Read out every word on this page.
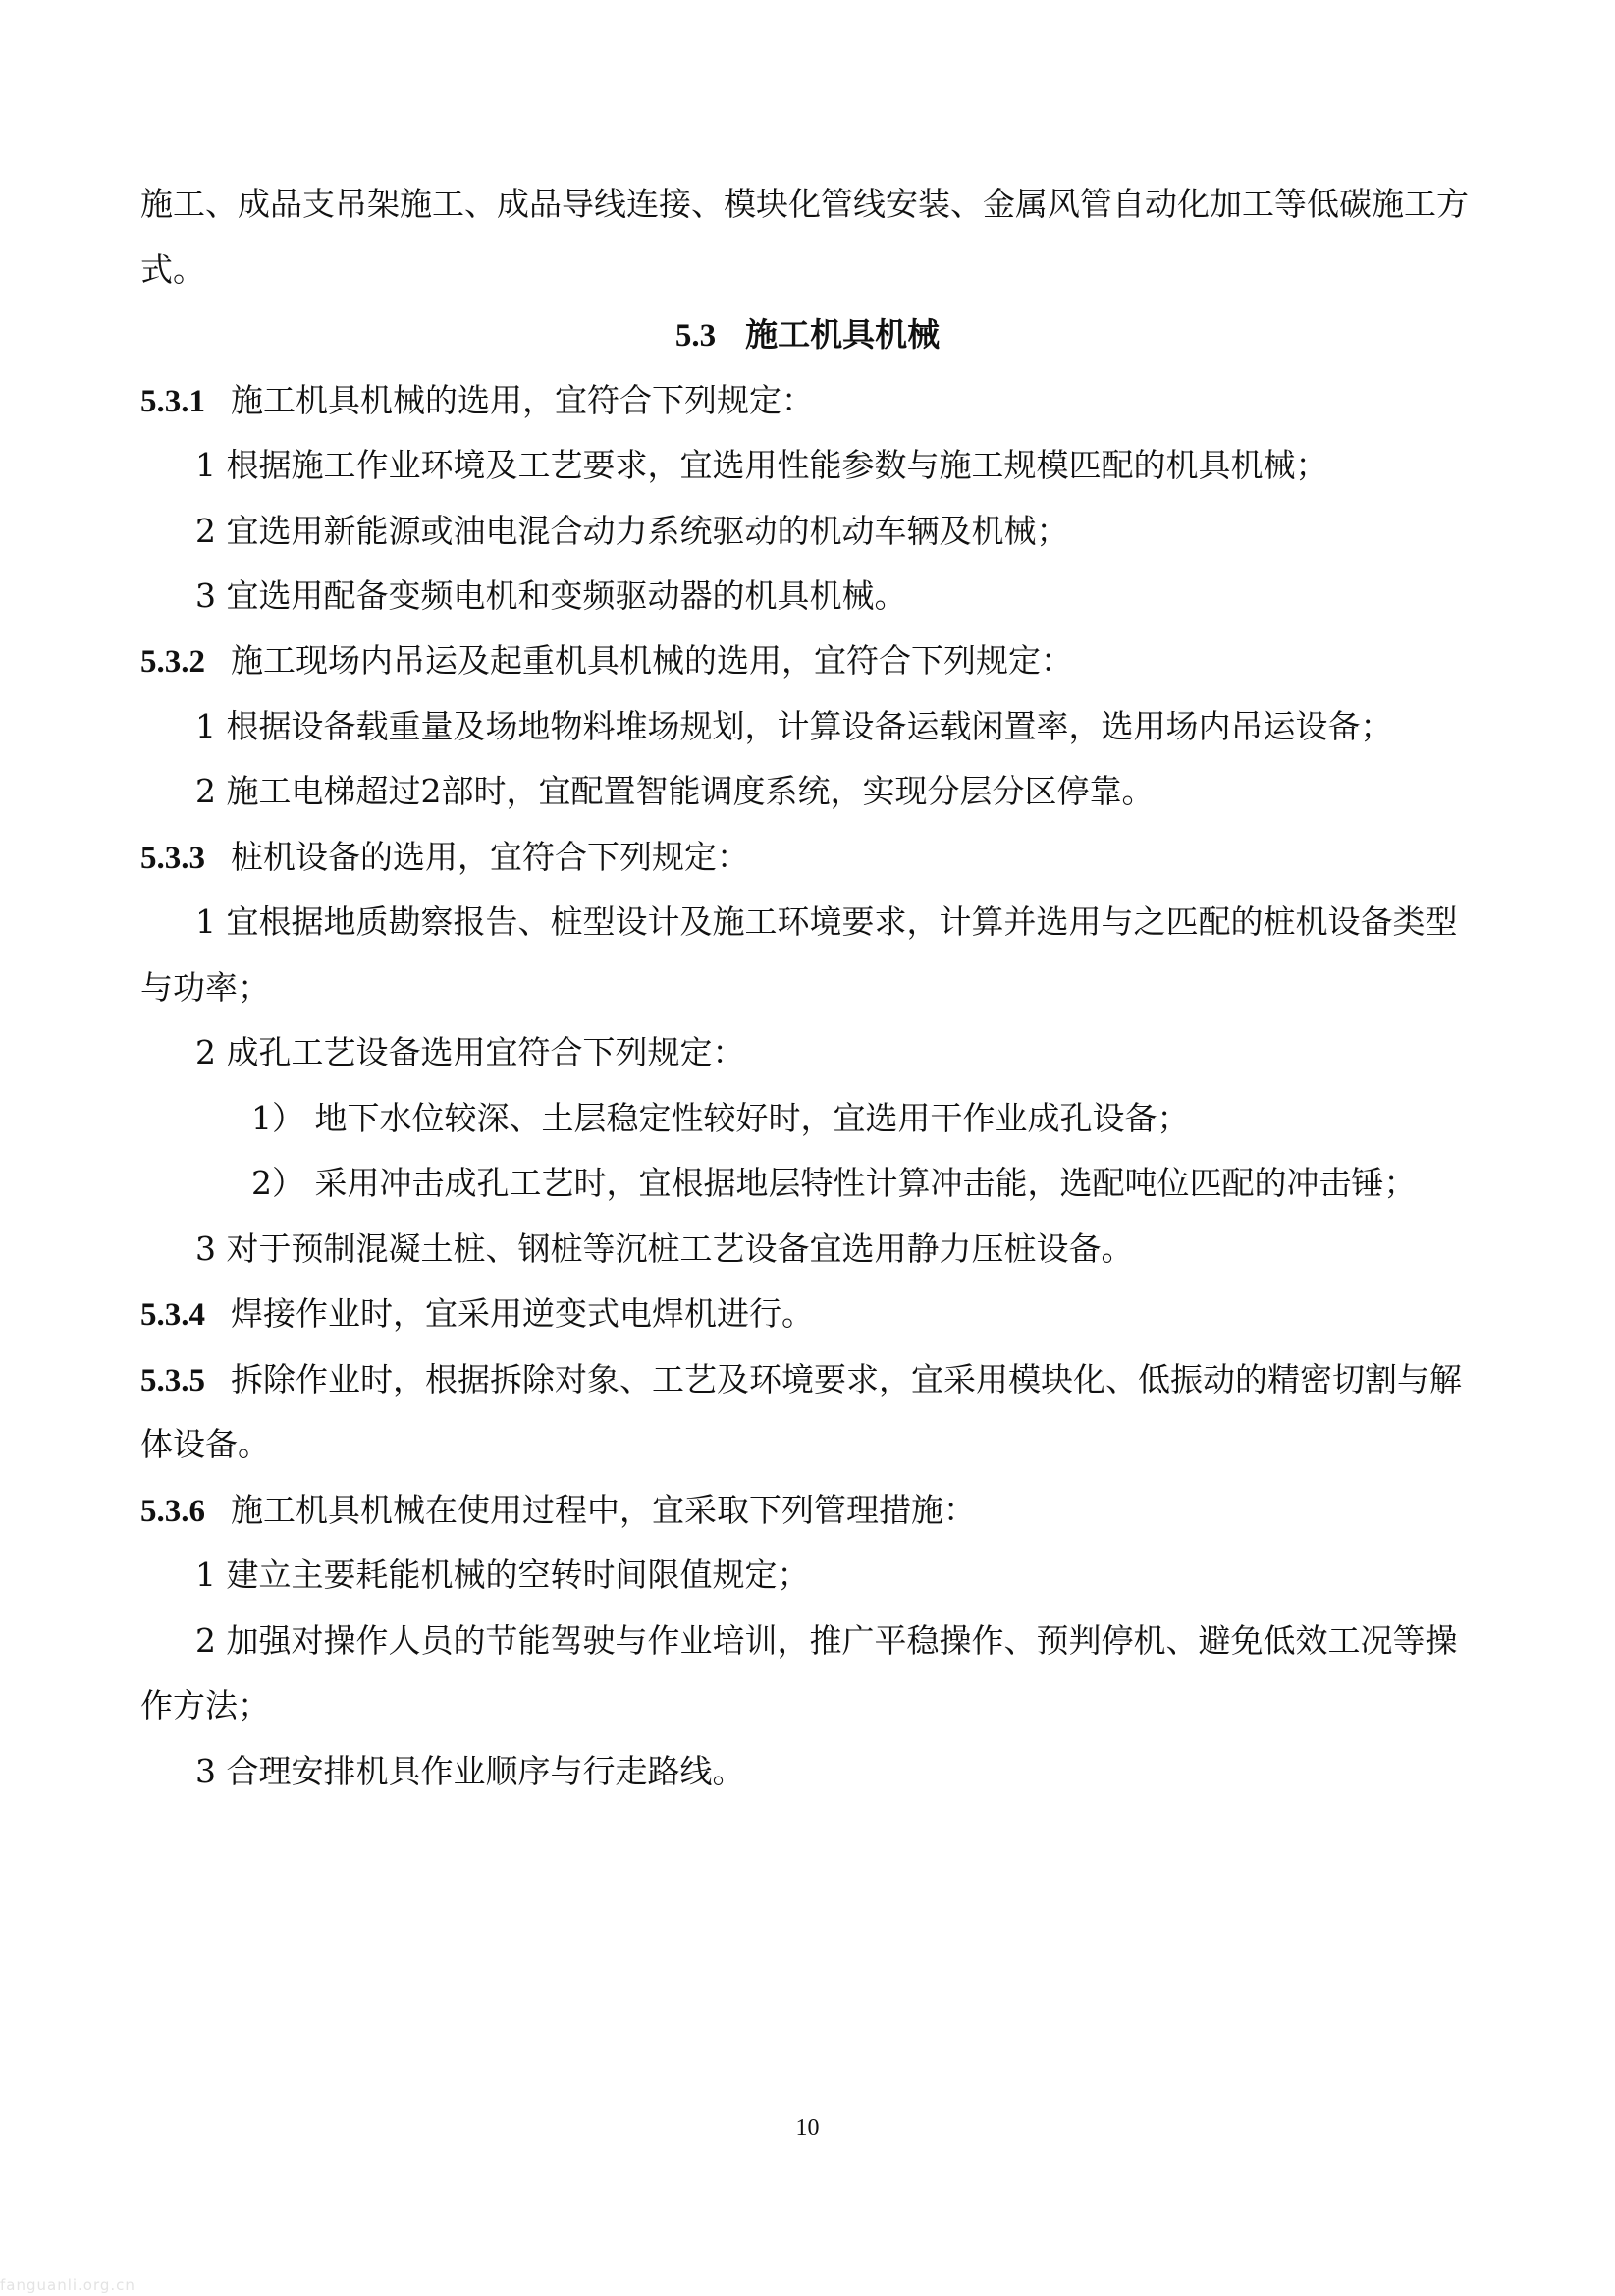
施工、成品支吊架施工、成品导线连接、模块化管线安装、金属风管自动化加工等低碳施工方
式。
5.3 施工机具机械
5.3.1 施工机具机械的选用，宜符合下列规定：
1 根据施工作业环境及工艺要求，宜选用性能参数与施工规模匹配的机具机械；
2 宜选用新能源或油电混合动力系统驱动的机动车辆及机械；
3 宜选用配备变频电机和变频驱动器的机具机械。
5.3.2 施工现场内吊运及起重机具机械的选用，宜符合下列规定：
1 根据设备载重量及场地物料堆场规划，计算设备运载闲置率，选用场内吊运设备；
2 施工电梯超过2部时，宜配置智能调度系统，实现分层分区停靠。
5.3.3 桩机设备的选用，宜符合下列规定：
1 宜根据地质勘察报告、桩型设计及施工环境要求，计算并选用与之匹配的桩机设备类型
与功率；
2 成孔工艺设备选用宜符合下列规定：
1） 地下水位较深、土层稳定性较好时，宜选用干作业成孔设备；
2） 采用冲击成孔工艺时，宜根据地层特性计算冲击能，选配吨位匹配的冲击锤；
3 对于预制混凝土桩、钢桩等沉桩工艺设备宜选用静力压桩设备。
5.3.4 焊接作业时，宜采用逆变式电焊机进行。
5.3.5 拆除作业时，根据拆除对象、工艺及环境要求，宜采用模块化、低振动的精密切割与解
体设备。
5.3.6 施工机具机械在使用过程中，宜采取下列管理措施：
1 建立主要耗能机械的空转时间限值规定；
2 加强对操作人员的节能驾驶与作业培训，推广平稳操作、预判停机、避免低效工况等操
作方法；
3 合理安排机具作业顺序与行走路线。
10
fanguanli.org.cn
